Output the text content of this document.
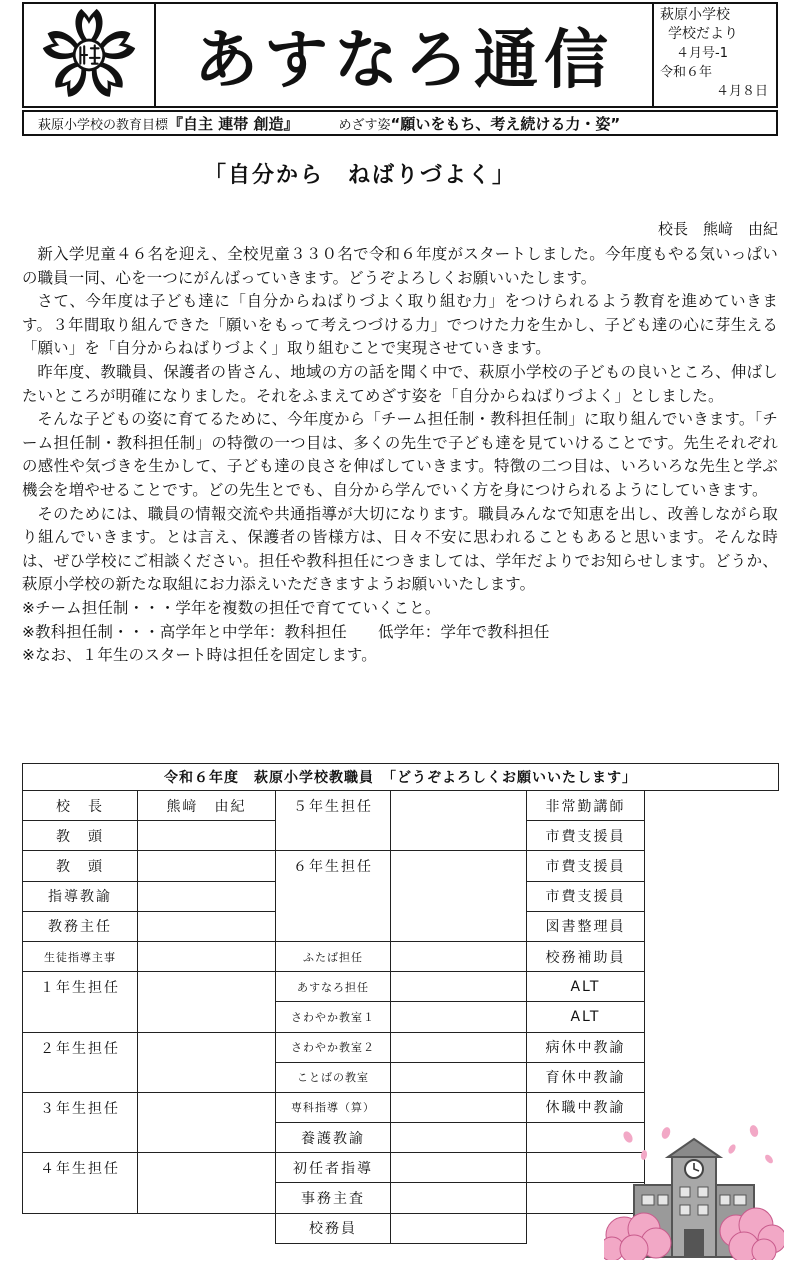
あすなろ通信
萩原小学校
学校だより
４月号-1
令和６年
４月８日
萩原小学校の教育目標 『自主 連帯 創造』	めざす姿 “願いをもち、考え続ける力・姿”
「自分から　ねばりづよく」
校長　熊﨑　由紀

新入学児童４６名を迎え、全校児童３３０名で令和６年度がスタートしました。今年度もやる気いっぱいの職員一同、心を一つにがんばっていきます。どうぞよろしくお願いいたします。

さて、今年度は子ども達に「自分からねばりづよく取り組む力」をつけられるよう教育を進めていきます。３年間取り組んできた「願いをもって考えつづける力」でつけた力を生かし、子ども達の心に芽生える「願い」を「自分からねばりづよく」取り組むことで実現させていきます。

昨年度、教職員、保護者の皆さん、地域の方の話を聞く中で、萩原小学校の子どもの良いところ、伸ばしたいところが明確になりました。それをふまえてめざす姿を「自分からねばりづよく」としました。

そんな子どもの姿に育てるために、今年度から「チーム担任制・教科担任制」に取り組んでいきます。「チーム担任制・教科担任制」の特徴の一つ目は、多くの先生で子ども達を見ていけることです。先生それぞれの感性や気づきを生かして、子ども達の良さを伸ばしていきます。特徴の二つ目は、いろいろな先生と学ぶ機会を増やせることです。どの先生とでも、自分から学んでいく方を身につけられるようにしていきます。

そのためには、職員の情報交流や共通指導が大切になります。職員みんなで知恵を出し、改善しながら取り組んでいきます。とは言え、保護者の皆様方は、日々不安に思われることもあると思います。そんな時は、ぜひ学校にご相談ください。担任や教科担任につきましては、学年だよりでお知らせします。どうか、萩原小学校の新たな取組にお力添えいただきますようお願いいたします。

※チーム担任制・・・学年を複数の担任で育てていくこと。

※教科担任制・・・高学年と中学年：教科担任　　低学年：学年で教科担任

※なお、１年生のスタート時は担任を固定します。

令和６年度　萩原小学校教職員　「どうぞよろしくお願いいたします」					
校　長	熊﨑　由紀	５年生担任		非常勤講師	
教　頭				市費支援員	
教　頭		６年生担任		市費支援員	
指導教諭				市費支援員	
教務主任				図書整理員	
生徒指導主事		ふたば担任		校務補助員	
１年生担任		あすなろ担任		ALT	
		さわやか教室１		ALT	
２年生担任		さわやか教室２		病休中教諭	
		ことばの教室		育休中教諭	
３年生担任		専科指導（算）		休職中教諭	
		養護教諭			
４年生担任		初任者指導			
		事務主査			
		校務員			
